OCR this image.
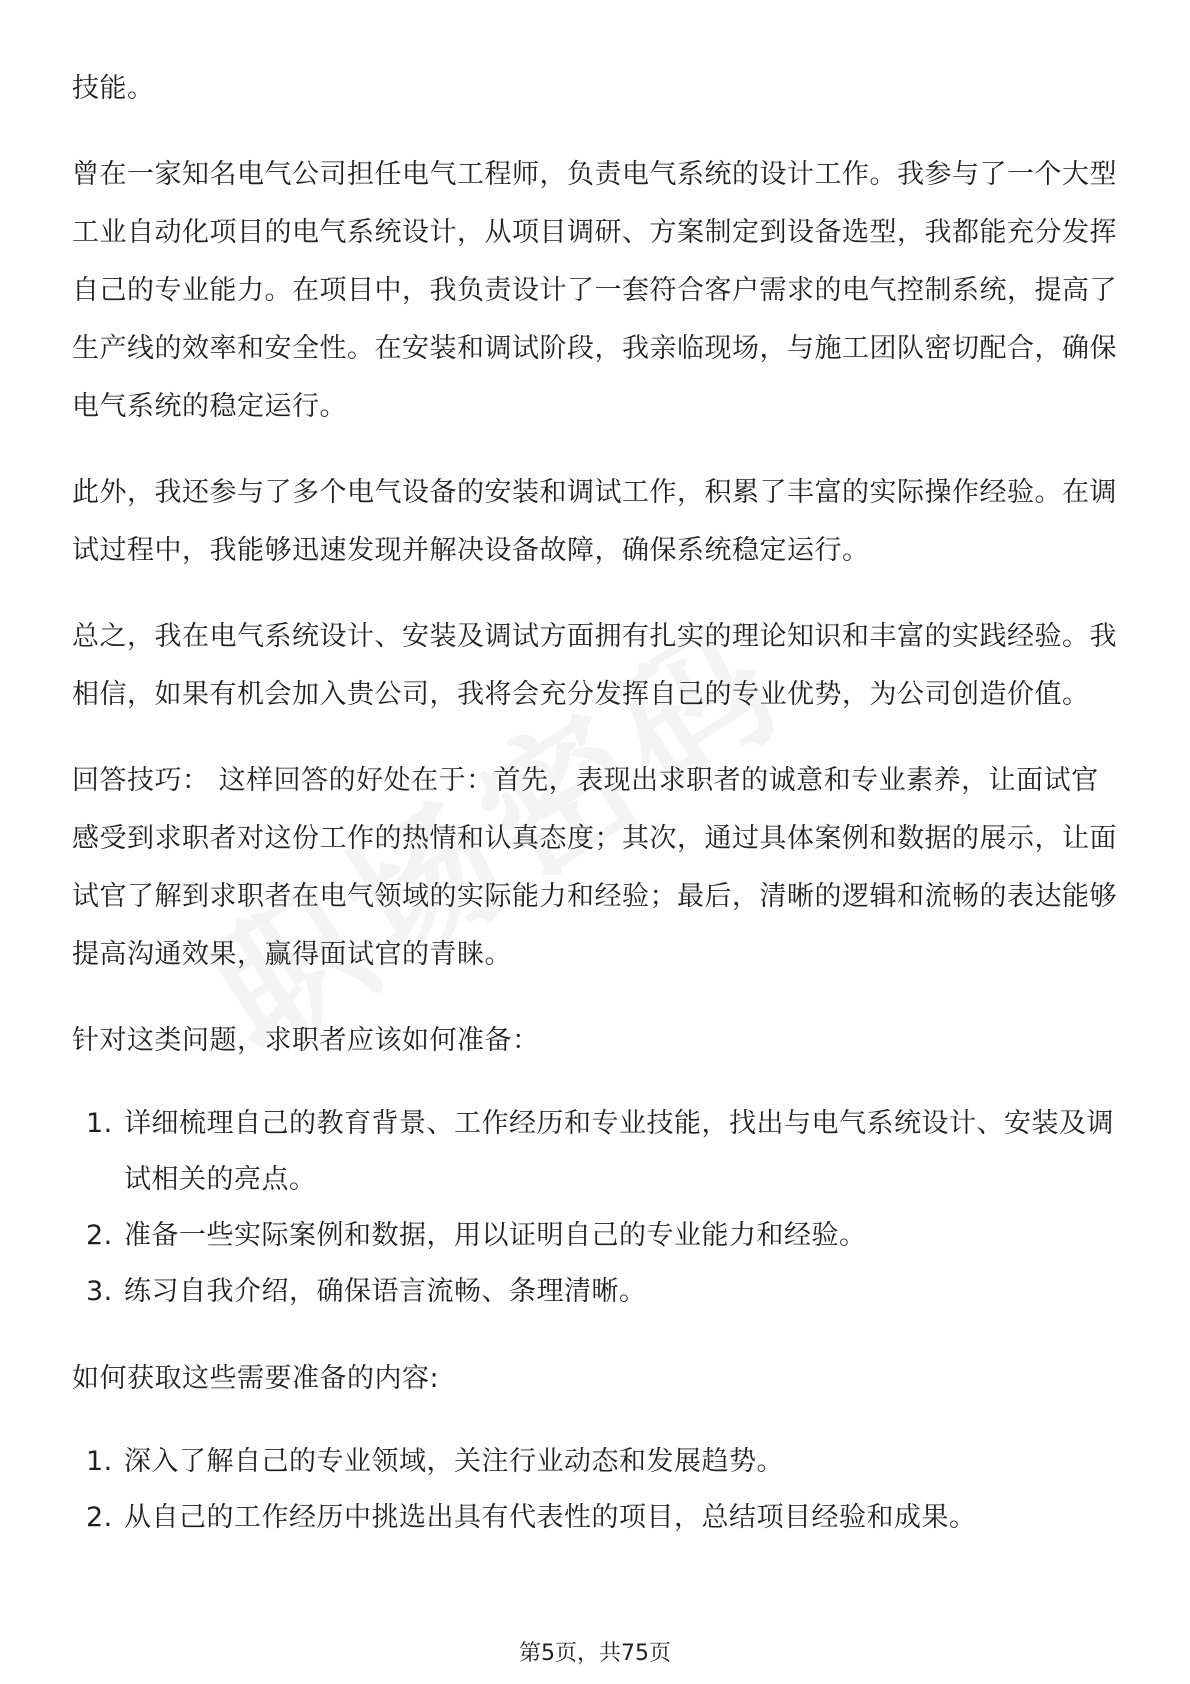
技能。

曾在一家知名电气公司担任电气工程师，负责电气系统的设计工作。我参与了一个大型工业自动化项目的电气系统设计，从项目调研、方案制定到设备选型，我都能充分发挥自己的专业能力。在项目中，我负责设计了一套符合客户需求的电气控制系统，提高了生产线的效率和安全性。在安装和调试阶段，我亲临现场，与施工团队密切配合，确保电气系统的稳定运行。

此外，我还参与了多个电气设备的安装和调试工作，积累了丰富的实际操作经验。在调试过程中，我能够迅速发现并解决设备故障，确保系统稳定运行。

总之，我在电气系统设计、安装及调试方面拥有扎实的理论知识和丰富的实践经验。我相信，如果有机会加入贵公司，我将会充分发挥自己的专业优势，为公司创造价值。

回答技巧： 这样回答的好处在于：首先，表现出求职者的诚意和专业素养，让面试官感受到求职者对这份工作的热情和认真态度；其次，通过具体案例和数据的展示，让面试官了解到求职者在电气领域的实际能力和经验；最后，清晰的逻辑和流畅的表达能够提高沟通效果，赢得面试官的青睐。

针对这类问题，求职者应该如何准备：

1. 详细梳理自己的教育背景、工作经历和专业技能，找出与电气系统设计、安装及调试相关的亮点。
2. 准备一些实际案例和数据，用以证明自己的专业能力和经验。
3. 练习自我介绍，确保语言流畅、条理清晰。

如何获取这些需要准备的内容:

1. 深入了解自己的专业领域，关注行业动态和发展趋势。
2. 从自己的工作经历中挑选出具有代表性的项目，总结项目经验和成果。
第5页，共75页
